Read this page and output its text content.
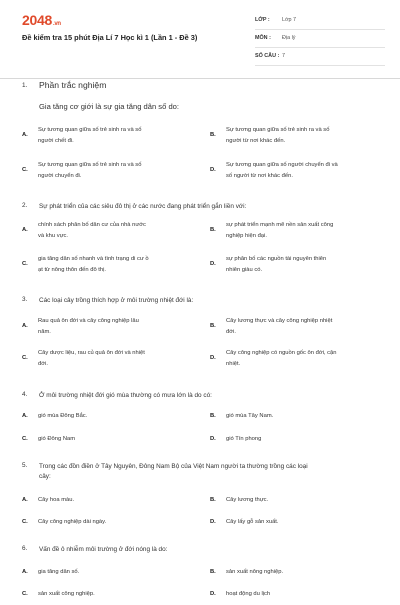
2048.vn
Đề kiểm tra 15 phút Địa Lí 7 Học kì 1 (Lần 1 - Đề 3)
LỚP : Lớp 7
MÔN : Địa lý
SỐ CÂU : 7
1. Phần trắc nghiệm
Gia tăng cơ giới là sự gia tăng dân số do:
A.
Sự tương quan giữa số trẻ sinh ra và số
người chết đi.
B.
Sự tương quan giữa số trẻ sinh ra và số
người từ nơi khác đến.
C.
Sự tương quan giữa số trẻ sinh ra và số
người chuyển đi.
D.
Sự tương quan giữa số người chuyển đi và
số người từ nơi khác đến.
2. Sự phát triển của các siêu đô thị ở các nước đang phát triển gắn liền với:
A.
chính sách phân bố dân cư của nhà nước
và khu vực.
B.
sự phát triển mạnh mẽ nền sản xuất công
nghiệp hiện đại.
C.
gia tăng dân số nhanh và tình trạng di cư ồ
ạt từ nông thôn đến đô thị.
D.
sự phân bố các nguồn tài nguyên thiên
nhiên giàu có.
3. Các loại cây trồng thích hợp ở môi trường nhiệt đới là:
A.
Rau quả ôn đới và cây công nghiệp lâu
năm.
B.
Cây lương thực và cây công nghiệp nhiệt
đới.
C.
Cây dược liệu, rau củ quả ôn đới và nhiệt
đới.
D.
Cây công nghiệp có nguồn gốc ôn đới, cận
nhiệt.
4. Ở môi trường nhiệt đới gió mùa thường có mưa lớn là do có:
A. gió mùa Đông Bắc.	B. gió mùa Tây Nam.
C. gió Đông Nam	D. gió Tín phong
5. Trong các đồn điền ở Tây Nguyên, Đông Nam Bộ của Việt Nam người ta thường trồng các loại
cây:
A. Cây hoa màu.	B. Cây lương thực.
C. Cây công nghiệp dài ngày.	D. Cây lấy gỗ sản xuất.
6. Vấn đề ô nhiễm môi trường ở đới nóng là do:
A. gia tăng dân số.	B. sản xuất nông nghiệp.
C. sản xuất công nghiệp.	D. hoạt động du lịch
